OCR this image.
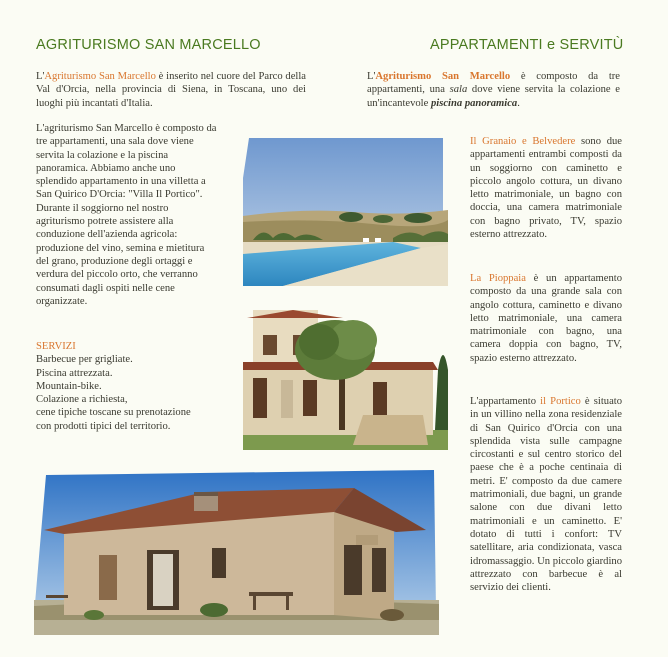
AGRITURISMO SAN MARCELLO
L'Agriturismo San Marcello è inserito nel cuore del Parco della Val d'Orcia, nella provincia di Siena, in Toscana, uno dei luoghi più incantati d'Italia.

L'agriturismo San Marcello è composto da tre appartamenti, una sala dove viene servita la colazione e la piscina panoramica. Abbiamo anche uno splendido appartamento in una villetta a San Quirico D'Orcia: "Villa Il Portico".

Durante il soggiorno nel nostro agriturismo potrete assistere alla conduzione dell'azienda agricola: produzione del vino, semina e mietitura del grano, produzione degli ortaggi e verdura del piccolo orto, che verranno consumati dagli ospiti nelle cene organizzate.

SERVIZI
Barbecue per grigliate.
Piscina attrezzata.
Mountain-bike.
Colazione a richiesta,
cene tipiche toscane su prenotazione con prodotti tipici del territorio.
APPARTAMENTI e SERVITÙ
L'Agriturismo San Marcello è composto da tre appartamenti, una sala dove viene servita la colazione e un'incantevole piscina panoramica.
Il Granaio e Belvedere sono due appartamenti entrambi composti da un soggiorno con caminetto e piccolo angolo cottura, un divano letto matrimoniale, un bagno con doccia, una camera matrimoniale con bagno privato, TV, spazio esterno attrezzato.
La Pioppaia è un appartamento composto da una grande sala con angolo cottura, caminetto e divano letto matrimoniale, una camera matrimoniale con bagno, una camera doppia con bagno, TV, spazio esterno attrezzato.
L'appartamento il Portico è situato in un villino nella zona residenziale di San Quirico d'Orcia con una splendida vista sulle campagne circostanti e sul centro storico del paese che è a poche centinaia di metri. E' composto da due camere matrimoniali, due bagni, un grande salone con due divani letto matrimoniali e un caminetto. E' dotato di tutti i confort: TV satellitare, aria condizionata, vasca idromassaggio. Un piccolo giardino attrezzato con barbecue è al servizio dei clienti.
